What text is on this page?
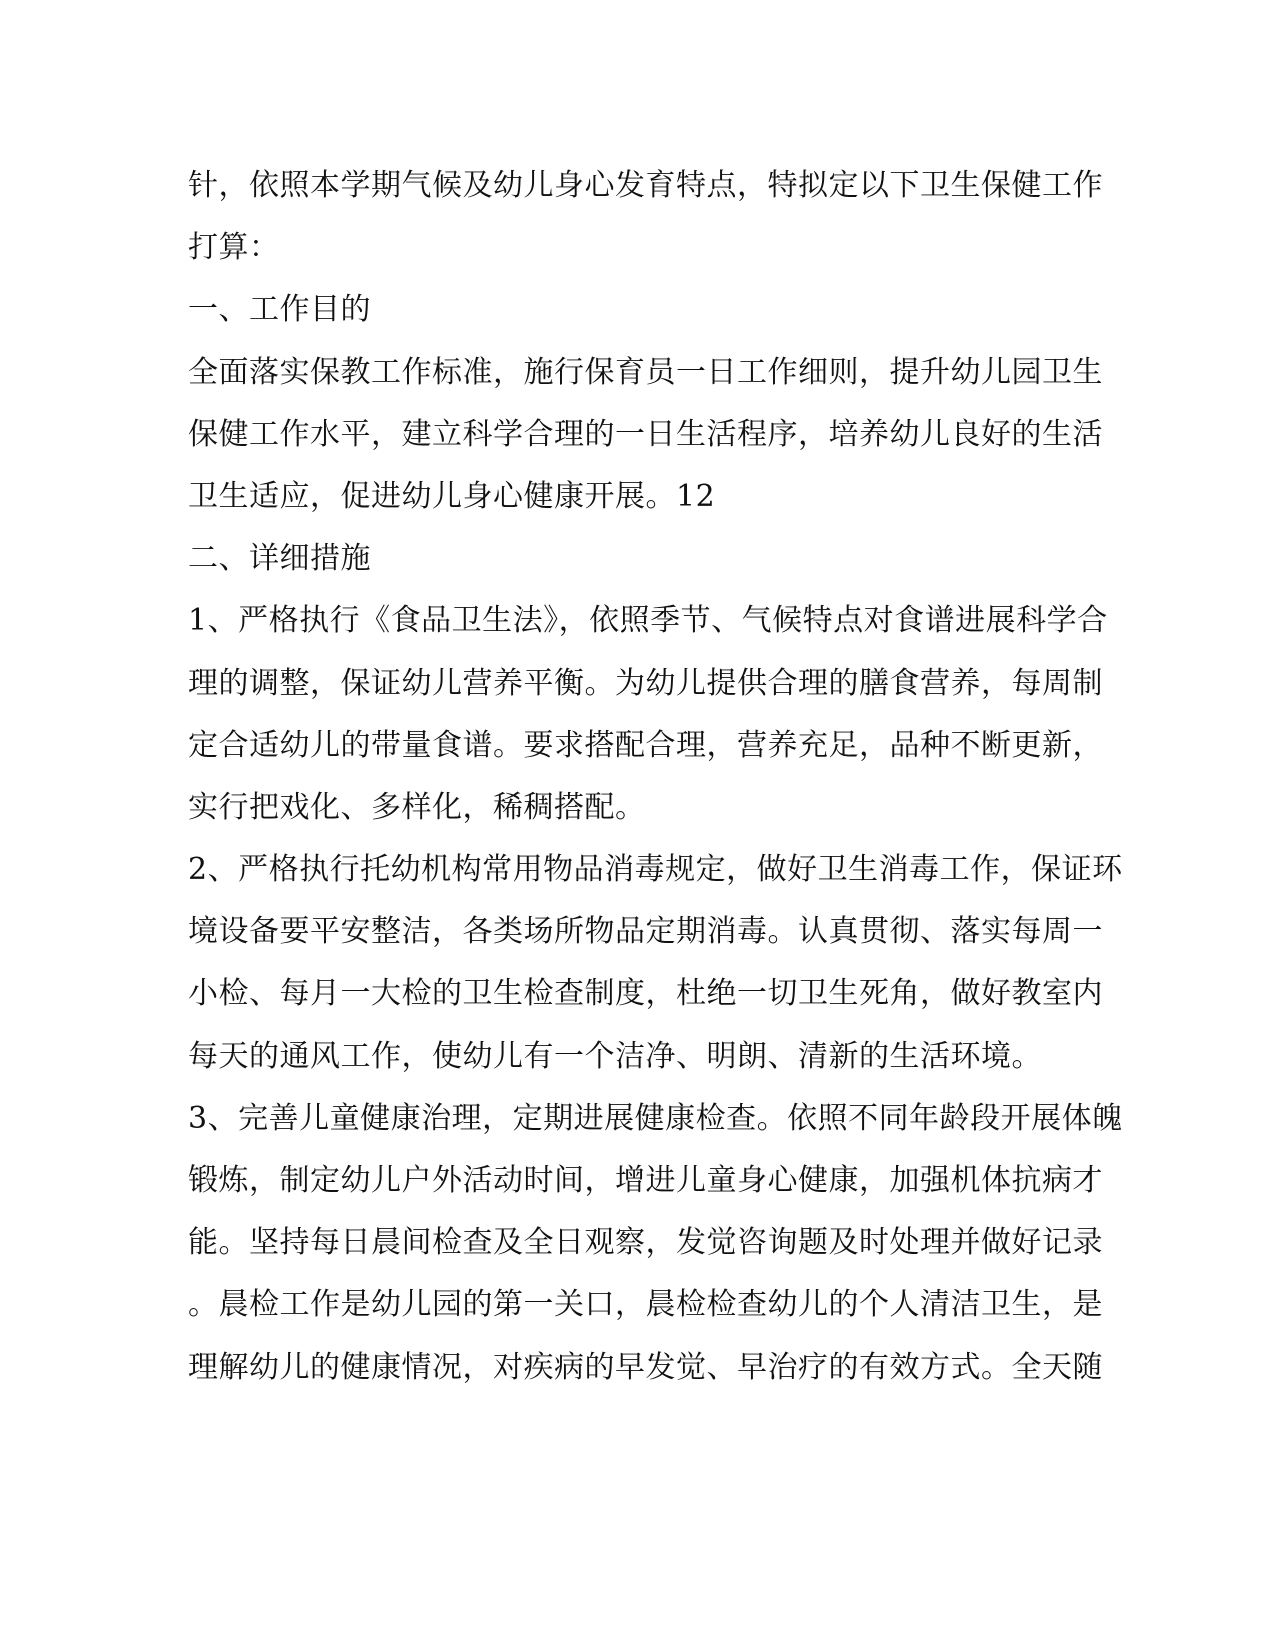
针，依照本学期气候及幼儿身心发育特点，特拟定以下卫生保健工作
打算：
一、工作目的
全面落实保教工作标准，施行保育员一日工作细则，提升幼儿园卫生
保健工作水平，建立科学合理的一日生活程序，培养幼儿良好的生活
卫生适应，促进幼儿身心健康开展。12
二、详细措施
1、严格执行《食品卫生法》，依照季节、气候特点对食谱进展科学合
理的调整，保证幼儿营养平衡。为幼儿提供合理的膳食营养，每周制
定合适幼儿的带量食谱。要求搭配合理，营养充足，品种不断更新，
实行把戏化、多样化，稀稠搭配。
2、严格执行托幼机构常用物品消毒规定，做好卫生消毒工作，保证环
境设备要平安整洁，各类场所物品定期消毒。认真贯彻、落实每周一
小检、每月一大检的卫生检查制度，杜绝一切卫生死角，做好教室内
每天的通风工作，使幼儿有一个洁净、明朗、清新的生活环境。
3、完善儿童健康治理，定期进展健康检查。依照不同年龄段开展体魄
锻炼，制定幼儿户外活动时间，增进儿童身心健康，加强机体抗病才
能。坚持每日晨间检查及全日观察，发觉咨询题及时处理并做好记录
。晨检工作是幼儿园的第一关口，晨检检查幼儿的个人清洁卫生，是
理解幼儿的健康情况，对疾病的早发觉、早治疗的有效方式。全天随
